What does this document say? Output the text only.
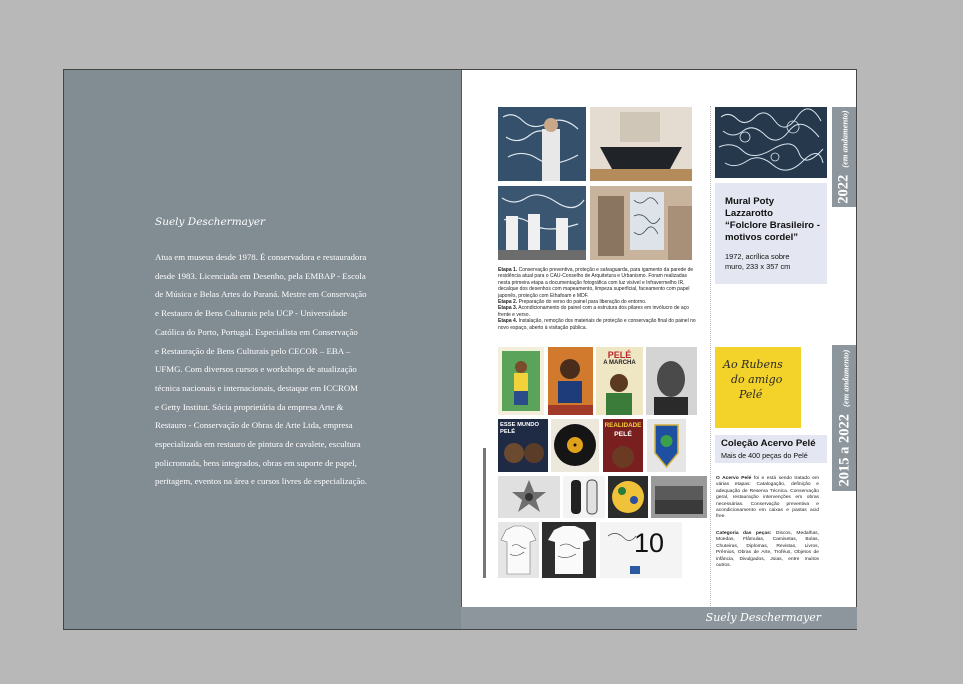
Suely Deschermayer
Atua em museus desde 1978. É conservadora e restauradora
desde 1983. Licenciada em Desenho, pela EMBAP - Escola
de Música e Belas Artes do Paraná. Mestre em Conservação
e Restauro de Bens Culturais pela UCP - Universidade
Católica do Porto, Portugal. Especialista em Conservação
e Restauração de Bens Culturais pelo CECOR – EBA –
UFMG. Com diversos cursos e workshops de atualização
técnica nacionais e internacionais, destaque em ICCROM
e Getty Institut. Sócia proprietária da empresa Arte &
Restauro - Conservação de Obras de Arte Ltda, empresa
especializada em restauro de pintura de cavalete, escultura
policromada, bens integrados, obras em suporte de papel,
peritagem, eventos na área e cursos livres de especialização.
Etapa 1. Conservação preventiva, proteção e salvaguarda, para igamento da parede de residência atual para o CAU-Conselho de Arquitetura e Urbanismo. Foram realizadas nesta primeira etapa a documentação fotográfica com luz visível e Infravermelho IR, decalque dos desenhos com mapeamento, limpeza superficial, faceamento com papel japonês, proteção com Ethafoam e MDF.
Etapa 2. Preparação do verso do painel para liberação do entorno.
Etapa 3. Acondicionamento do painel com a estrutura dos pilares em invólucro de aço frente e verso.
Etapa 4. Instalação, remoção dos materiais de proteção e conservação final do painel no novo espaço, aberto à visitação pública.
Mural Poty Lazzarotto
“Folclore Brasileiro - motivos cordel”
1972, acrílica sobre muro, 233 x 357 cm
2022(em andamento)
PELÉ
A MARCHA
ESSE MUNDO PELÉ
REALIDADE
PELÉ
10
Ao Rubens
do amigo
Pelé
Coleção Acervo Pelé
Mais de 400 peças do Pelé 2015 a 2022(em andamento)
O Acervo Pelé foi e está sendo tratado em várias etapas: Catalogação, definição e adequação de Reserva Técnica. Conservação geral, restauração intervenções em obras necessárias. Conservação preventiva e acondicionamento em caixas e pastas acid free.
Categoria das peças: Discos, Medalhas, Moedas, Flâmulas, Camisetas, Bolas, Chuteiras, Diplomas, Revistas, Livros, Prêmios, Obras de Arte, Troféus, Objetos de infância, Divulgados, Joias, entre muitos outros.
Suely Deschermayer
